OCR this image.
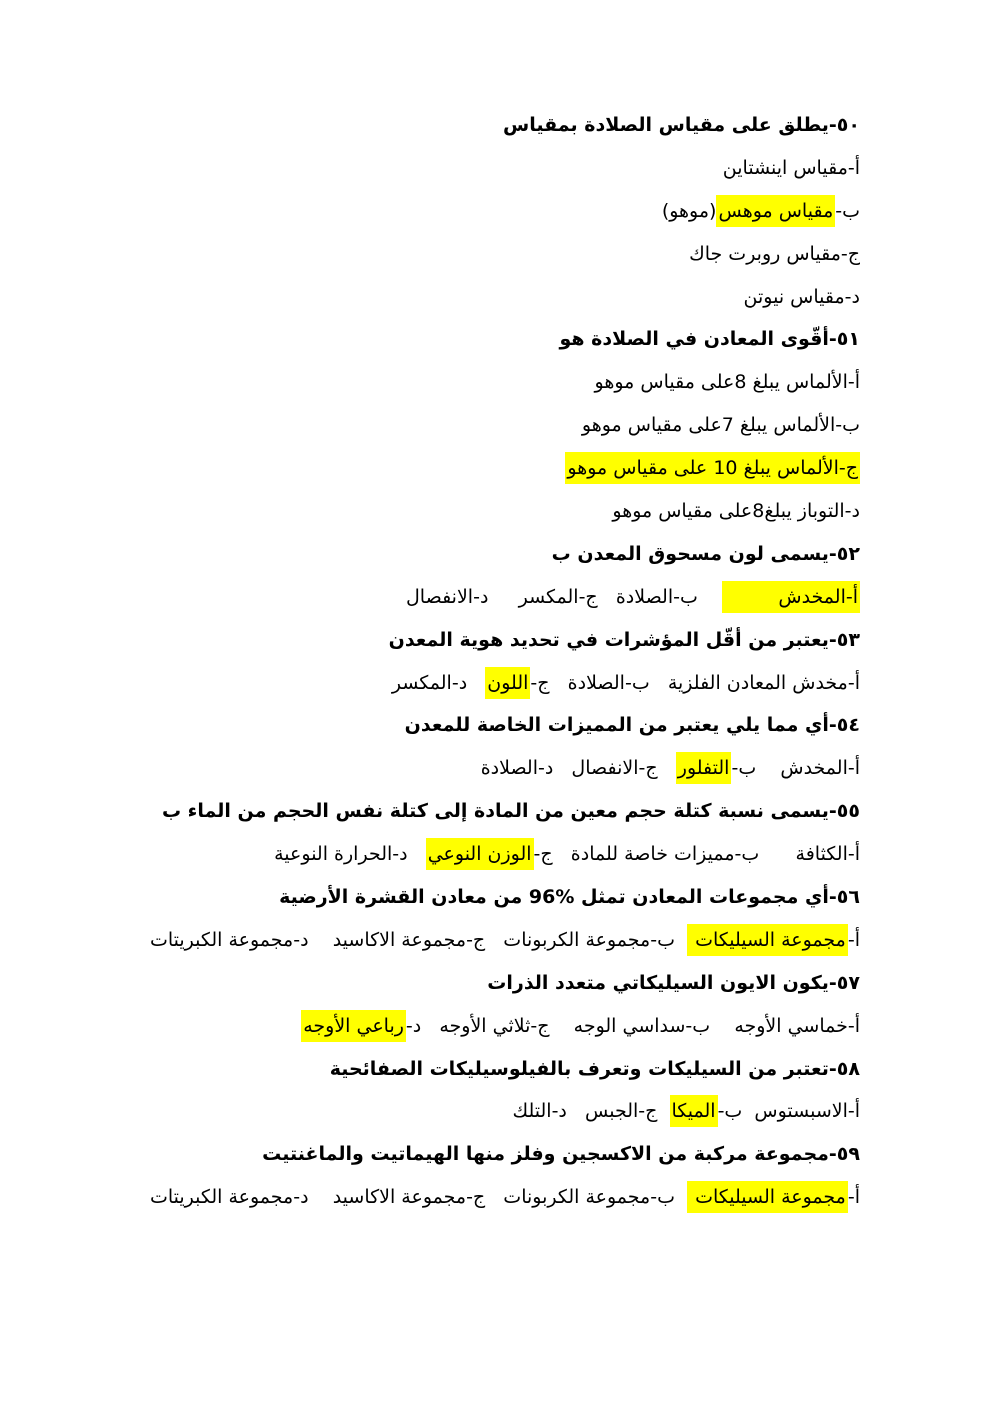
٥٠-يطلق على مقياس الصلادة بمقياس
أ-مقياس اينشتاين
ب-مقياس موهس(موهو)
ج-مقياس روبرت جاك
د-مقياس نيوتن
٥١-أقّوى المعادن في الصلادة هو
أ-الألماس يبلغ 8على مقياس موهو
ب-الألماس يبلغ 7على مقياس موهو
ج-الألماس يبلغ 10 على مقياس موهو
د-التوباز يبلغ8على مقياس موهو
٥٢-يسمى لون مسحوق المعدن ب
أ-المخدش             ب-الصلادة   ج-المكسر     د-الانفصال
٥٣-يعتبر من أقّل المؤشرات في تحديد هوية المعدن
أ-مخدش المعادن الفلزية   ب-الصلادة   ج-اللون   د-المكسر
٥٤-أي مما يلي يعتبر من المميزات الخاصة للمعدن
أ-المخدش    ب-التفلور   ج-الانفصال   د-الصلادة
٥٥-يسمى نسبة كتلة حجم معين من المادة إلى كتلة نفس الحجم من الماء ب
أ-الكثافة      ب-مميزات خاصة للمادة   ج-الوزن النوعي   د-الحرارة النوعية
٥٦-أي مجموعات المعادن تمثل %96 من معادن القشرة الأرضية
أ-مجموعة السيليكات   ب-مجموعة الكربونات   ج-مجموعة الاكاسيد    د-مجموعة الكبريتات
٥٧-يكون الايون السيليكاتي متعدد الذرات
أ-خماسي الأوجه    ب-سداسي الوجه    ج-ثلاثي الأوجه   د-رباعي الأوجه
٥٨-تعتبر من السيليكات وتعرف بالفيلوسيليكات الصفائحية
أ-الاسبستوس  ب-الميكا  ج-الجبس   د-التلك
٥٩-مجموعة مركبة من الاكسجين وفلز منها الهيماتيت والماغنتيت
أ-مجموعة السيليكات   ب-مجموعة الكربونات   ج-مجموعة الاكاسيد    د-مجموعة الكبريتات
